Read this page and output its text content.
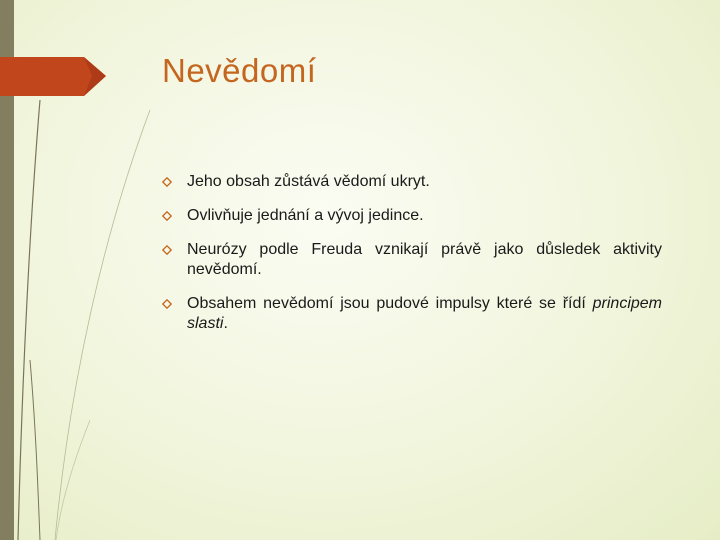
Nevědomí
Jeho obsah zůstává vědomí ukryt.
Ovlivňuje jednání a vývoj jedince.
Neurózy podle Freuda vznikají právě jako důsledek aktivity nevědomí.
Obsahem nevědomí jsou pudové impulsy které se řídí principem slasti.
